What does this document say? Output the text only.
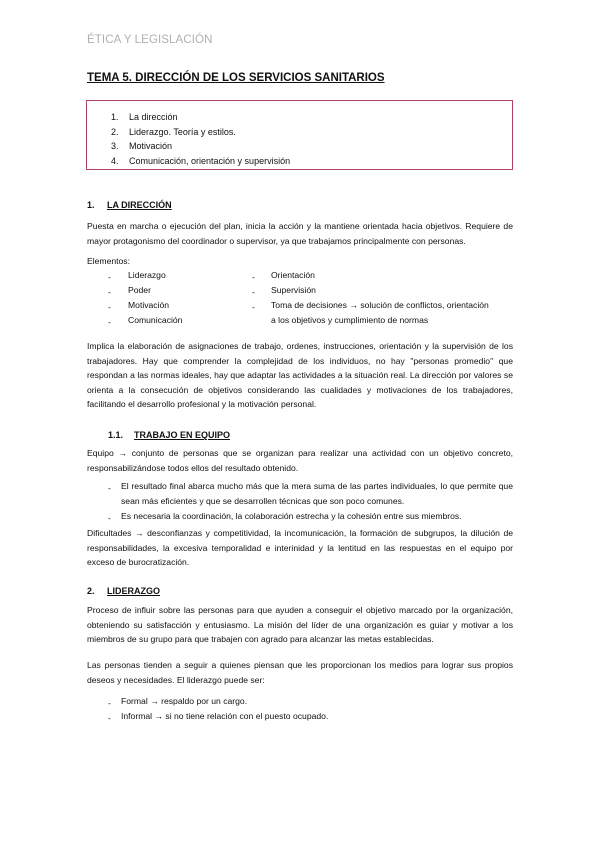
ÉTICA Y LEGISLACIÓN
TEMA 5. DIRECCIÓN DE LOS SERVICIOS SANITARIOS
1.	La dirección
2.	Liderazgo. Teoría y estilos.
3.	Motivación
4.	Comunicación, orientación y supervisión
1. LA DIRECCIÓN

Puesta en marcha o ejecución del plan, inicia la acción y la mantiene orientada hacia objetivos. Requiere de mayor protagonismo del coordinador o supervisor, ya que trabajamos principalmente con personas.

Elementos:
- Liderazgo
- Poder
- Motivación
- Comunicación
- Orientación
- Supervisión
- Toma de decisiones → solución de conflictos, orientación
a los objetivos y cumplimiento de normas

Implica la elaboración de asignaciones de trabajo, ordenes, instrucciones, orientación y la supervisión de los trabajadores. Hay que comprender la complejidad de los individuos, no hay "personas promedio" que respondan a las normas ideales, hay que adaptar las actividades a la situación real. La dirección por valores se orienta a la consecución de objetivos considerando las cualidades y motivaciones de los trabajadores, facilitando el desarrollo profesional y la motivación personal.

1.1. TRABAJO EN EQUIPO

Equipo → conjunto de personas que se organizan para realizar una actividad con un objetivo concreto, responsabilizándose todos ellos del resultado obtenido.

- El resultado final abarca mucho más que la mera suma de las partes individuales, lo que permite que sean más eficientes y que se desarrollen técnicas que son poco comunes.

- Es necesaria la coordinación, la colaboración estrecha y la cohesión entre sus miembros.

Dificultades → desconfianzas y competitividad, la incomunicación, la formación de subgrupos, la dilución de responsabilidades, la excesiva temporalidad e interinidad y la lentitud en las respuestas en el equipo por exceso de burocratización.

2. LIDERAZGO

Proceso de influir sobre las personas para que ayuden a conseguir el objetivo marcado por la organización, obteniendo su satisfacción y entusiasmo. La misión del líder de una organización es guiar y motivar a los miembros de su grupo para que trabajen con agrado para alcanzar las metas establecidas.

Las personas tienden a seguir a quienes piensan que les proporcionan los medios para lograr sus propios deseos y necesidades. El liderazgo puede ser:

- Formal → respaldo por un cargo.
- Informal → si no tiene relación con el puesto ocupado.
